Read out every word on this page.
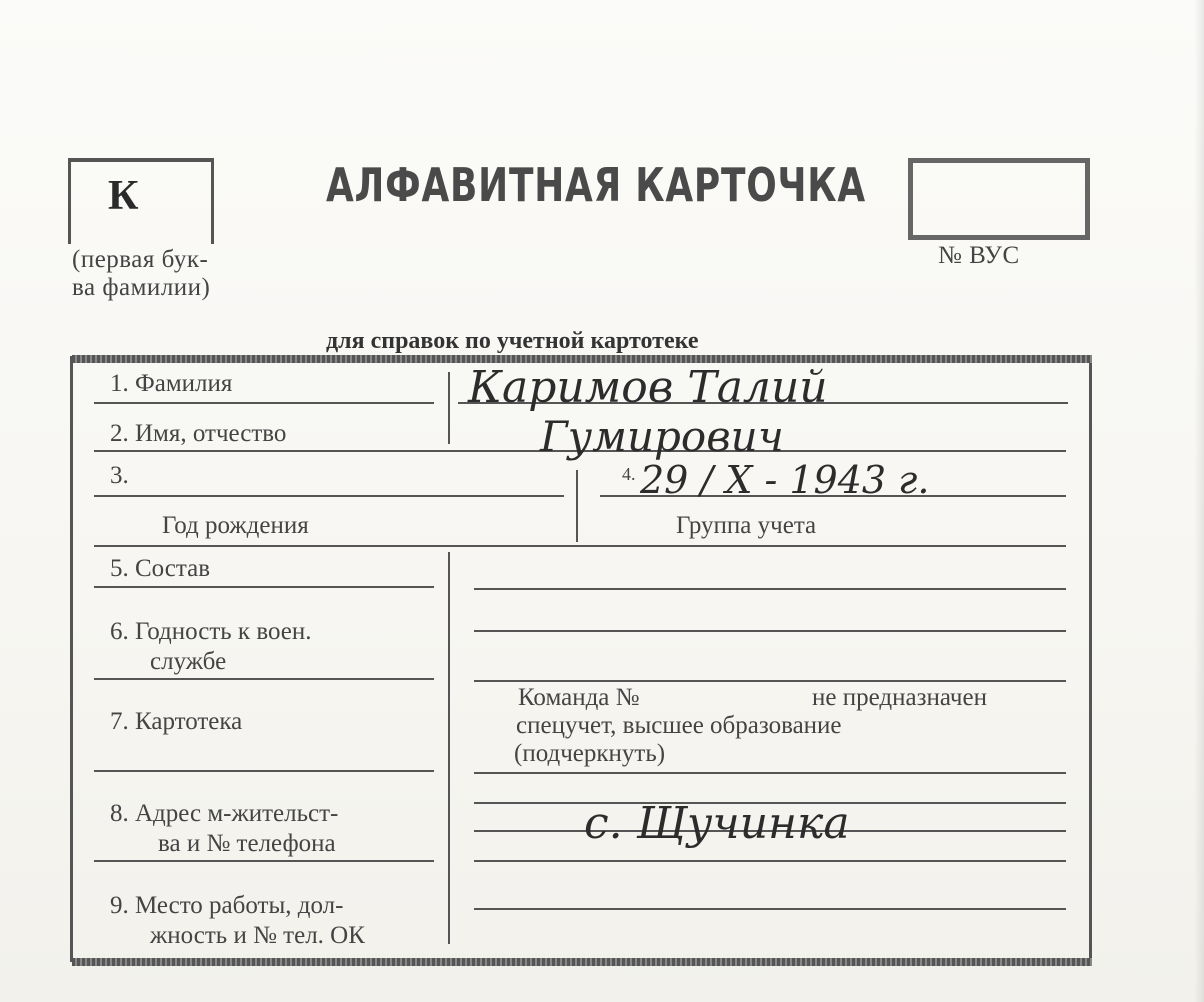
К
(первая бук-
ва фамилии)
АЛФАВИТНАЯ КАРТОЧКА
№ ВУС
для справок по учетной картотеке
1. Фамилия
2. Имя, отчество
3.
Год рождения
4.
Группа учета
5. Состав
6. Годность к воен.
службе
7. Картотека
Команда №	не предназначен
спецучет, высшее образование
(подчеркнуть)
8. Адрес м-жительст-
ва и № телефона
9. Место работы, дол-
жность и № тел. ОК
Каримов Талий
Гумирович
29 / X - 1943 г.
с. Щучинка
